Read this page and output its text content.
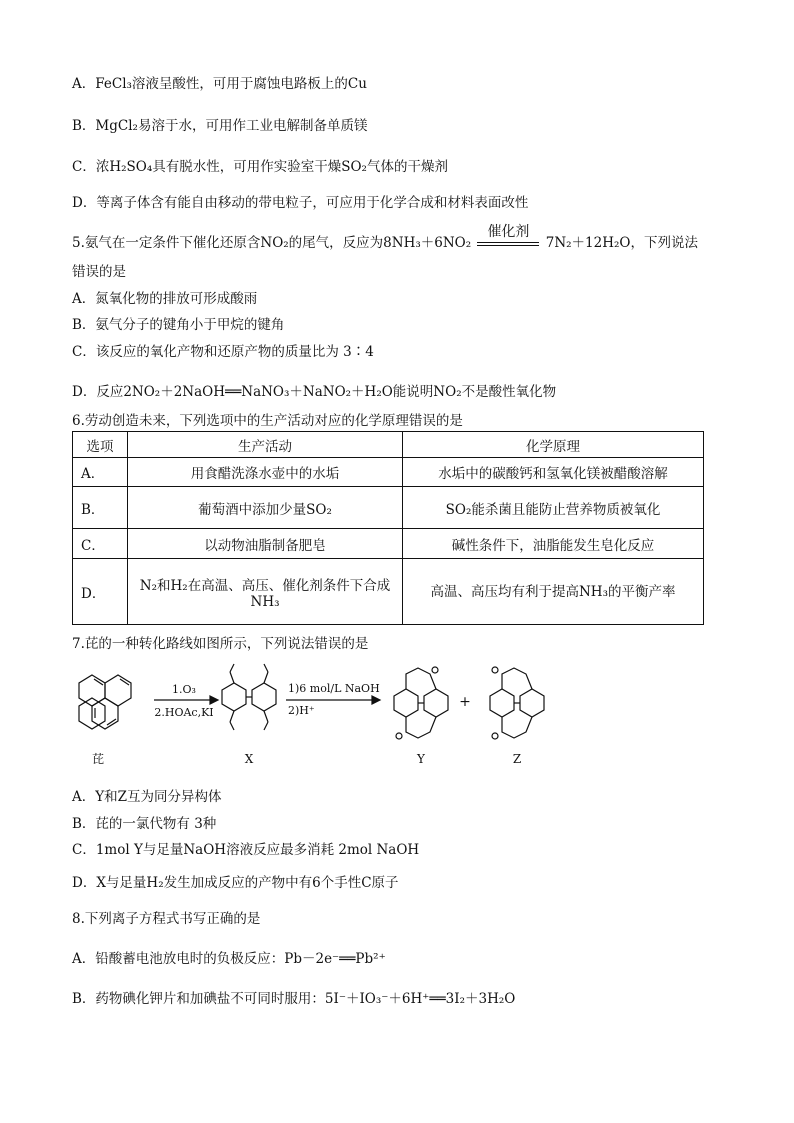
A．FeCl₃溶液呈酸性，可用于腐蚀电路板上的Cu
B．MgCl₂易溶于水，可用作工业电解制备单质镁
C．浓H₂SO₄具有脱水性，可用作实验室干燥SO₂气体的干燥剂
D．等离子体含有能自由移动的带电粒子，可应用于化学合成和材料表面改性
5.氨气在一定条件下催化还原含NO₂的尾气，反应为8NH₃＋6NO₂
催化剂
7N₂＋12H₂O，下列说法
错误的是
A．氮氧化物的排放可形成酸雨
B．氨气分子的键角小于甲烷的键角
C．该反应的氧化产物和还原产物的质量比为 3∶4
D．反应2NO₂＋2NaOH══NaNO₃＋NaNO₂＋H₂O能说明NO₂不是酸性氧化物
6.劳动创造未来，下列选项中的生产活动对应的化学原理错误的是
选项	生产活动	化学原理
A．	用食醋洗涤水壶中的水垢	水垢中的碳酸钙和氢氧化镁被醋酸溶解
B．	葡萄酒中添加少量SO₂	SO₂能杀菌且能防止营养物质被氧化
C．	以动物油脂制备肥皂	碱性条件下，油脂能发生皂化反应
D．	N₂和H₂在高温、高压、催化剂条件下合成NH₃	高温、高压均有利于提高NH₃的平衡产率
7.芘的一种转化路线如图所示，下列说法错误的是
芘
1.O₃
2.HOAc,KI
X
1)6 mol/L NaOH
2)H⁺
Y
+
Z
A．Y和Z互为同分异构体
B．芘的一氯代物有 3种
C．1mol Y与足量NaOH溶液反应最多消耗 2mol NaOH
D．X与足量H₂发生加成反应的产物中有6个手性C原子
8.下列离子方程式书写正确的是
A．铅酸蓄电池放电时的负极反应：Pb－2e⁻══Pb²⁺
B．药物碘化钾片和加碘盐不可同时服用：5I⁻＋IO₃⁻＋6H⁺══3I₂＋3H₂O
